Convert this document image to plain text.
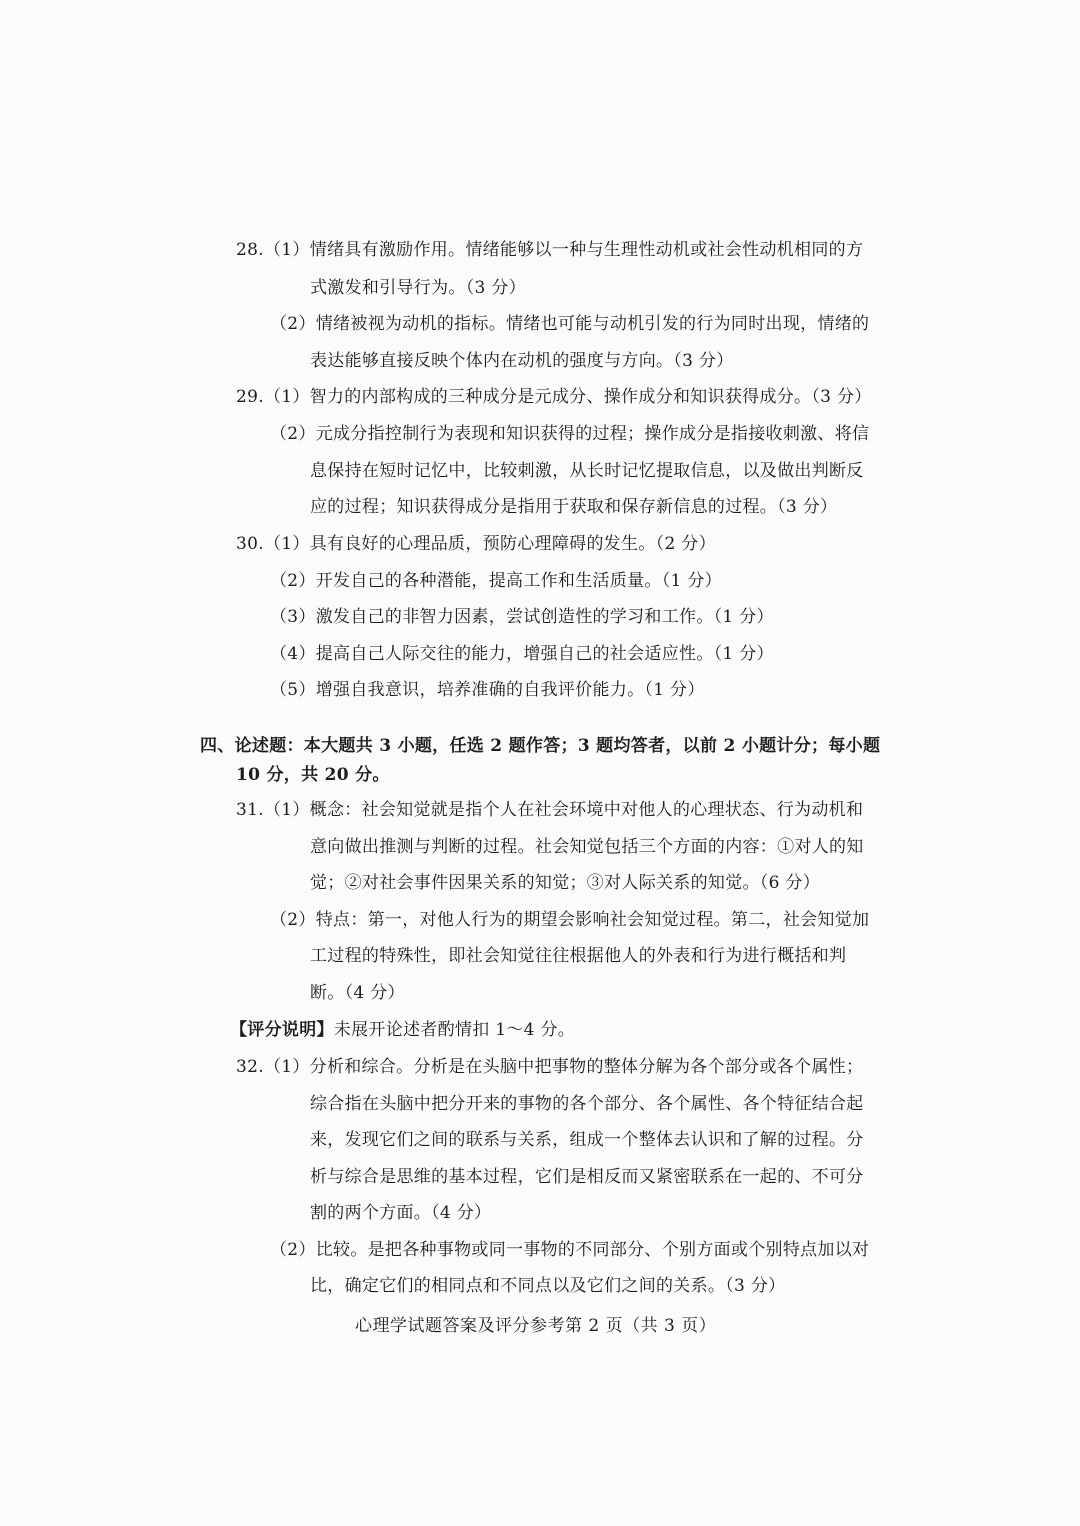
28.（1）情绪具有激励作用。情绪能够以一种与生理性动机或社会性动机相同的方
式激发和引导行为。（3 分）
（2）情绪被视为动机的指标。情绪也可能与动机引发的行为同时出现，情绪的
表达能够直接反映个体内在动机的强度与方向。（3 分）
29.（1）智力的内部构成的三种成分是元成分、操作成分和知识获得成分。（3 分）
（2）元成分指控制行为表现和知识获得的过程；操作成分是指接收刺激、将信
息保持在短时记忆中，比较刺激，从长时记忆提取信息，以及做出判断反
应的过程；知识获得成分是指用于获取和保存新信息的过程。（3 分）
30.（1）具有良好的心理品质，预防心理障碍的发生。（2 分）
（2）开发自己的各种潜能，提高工作和生活质量。（1 分）
（3）激发自己的非智力因素，尝试创造性的学习和工作。（1 分）
（4）提高自己人际交往的能力，增强自己的社会适应性。（1 分）
（5）增强自我意识，培养准确的自我评价能力。（1 分）
四、论述题：本大题共 3 小题，任选 2 题作答；3 题均答者，以前 2 小题计分；每小题
10 分，共 20 分。
31.（1）概念：社会知觉就是指个人在社会环境中对他人的心理状态、行为动机和
意向做出推测与判断的过程。社会知觉包括三个方面的内容：①对人的知
觉；②对社会事件因果关系的知觉；③对人际关系的知觉。（6 分）
（2）特点：第一，对他人行为的期望会影响社会知觉过程。第二，社会知觉加
工过程的特殊性，即社会知觉往往根据他人的外表和行为进行概括和判
断。（4 分）
【评分说明】未展开论述者酌情扣 1～4 分。
32.（1）分析和综合。分析是在头脑中把事物的整体分解为各个部分或各个属性；
综合指在头脑中把分开来的事物的各个部分、各个属性、各个特征结合起
来，发现它们之间的联系与关系，组成一个整体去认识和了解的过程。分
析与综合是思维的基本过程，它们是相反而又紧密联系在一起的、不可分
割的两个方面。（4 分）
（2）比较。是把各种事物或同一事物的不同部分、个别方面或个别特点加以对
比，确定它们的相同点和不同点以及它们之间的关系。（3 分）
心理学试题答案及评分参考第 2 页（共 3 页）
